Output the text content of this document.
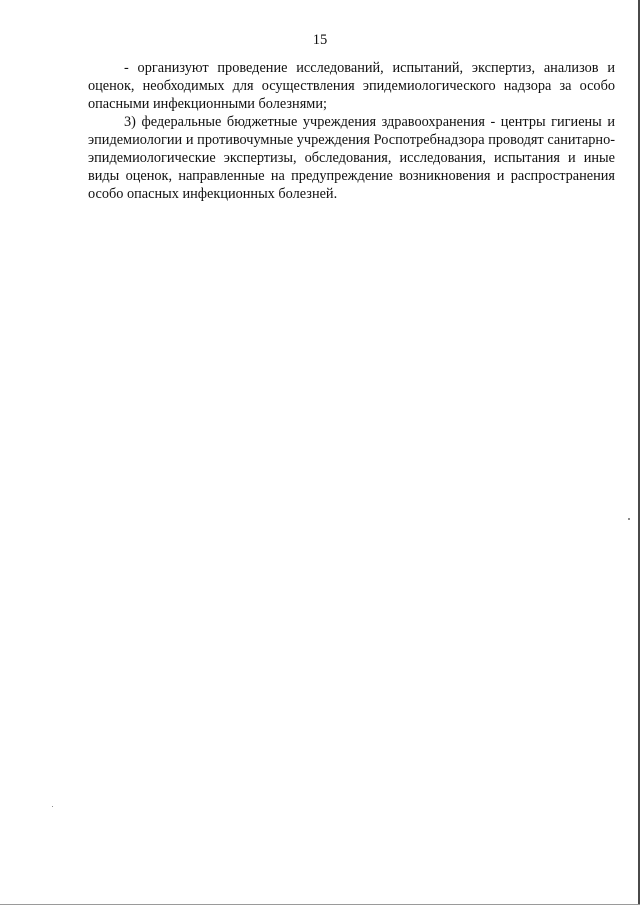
15

- организуют проведение исследований, испытаний, экспертиз, анализов и оценок, необходимых для осуществления эпидемиологического надзора за особо опасными инфекционными болезнями;

3) федеральные бюджетные учреждения здравоохранения - центры гигиены и эпидемиологии и противочумные учреждения Роспотребнадзора проводят санитарно-эпидемиологические экспертизы, обследования, исследования, испытания и иные виды оценок, направленные на предупреждение возникновения и распространения особо опасных инфекционных болезней.
